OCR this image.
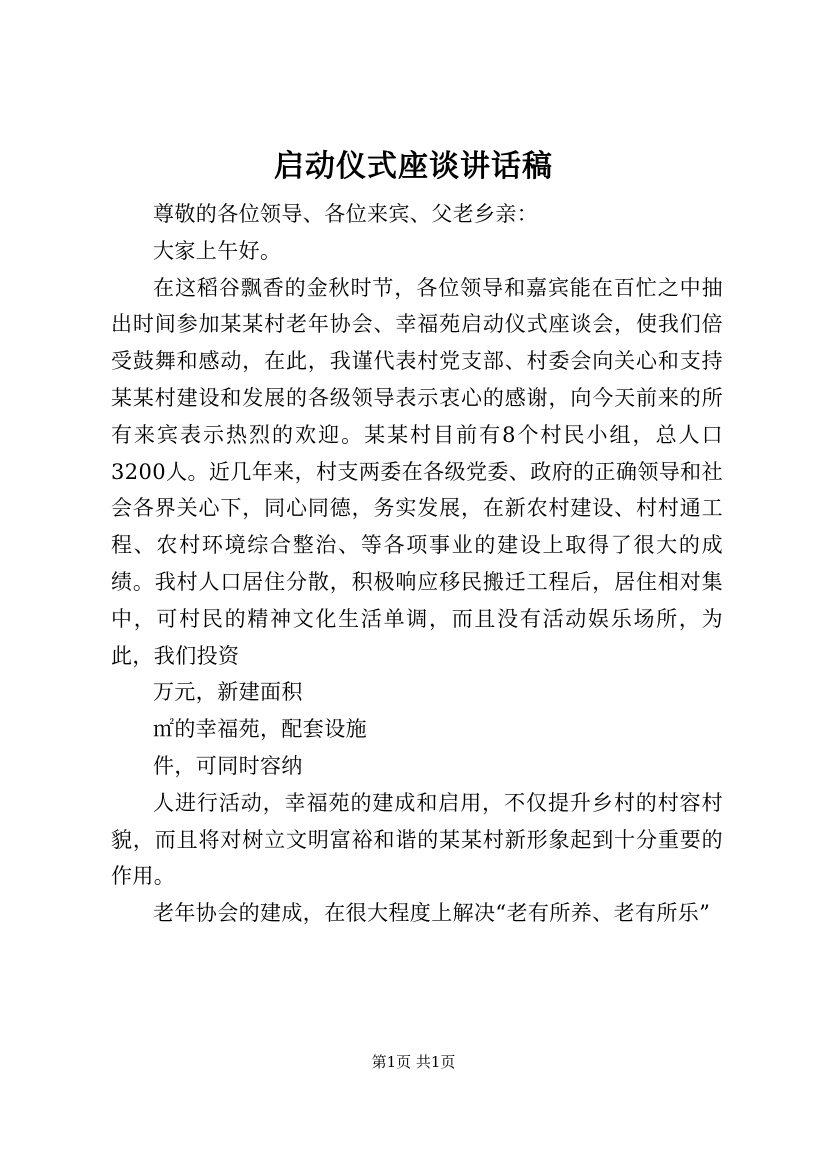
启动仪式座谈讲话稿

尊敬的各位领导、各位来宾、父老乡亲：

大家上午好。

在这稻谷飘香的金秋时节，各位领导和嘉宾能在百忙之中抽出时间参加某某村老年协会、幸福苑启动仪式座谈会，使我们倍受鼓舞和感动，在此，我谨代表村党支部、村委会向关心和支持某某村建设和发展的各级领导表示衷心的感谢，向今天前来的所有来宾表示热烈的欢迎。某某村目前有8个村民小组，总人口3200人。近几年来，村支两委在各级党委、政府的正确领导和社会各界关心下，同心同德，务实发展，在新农村建设、村村通工程、农村环境综合整治、等各项事业的建设上取得了很大的成绩。我村人口居住分散，积极响应移民搬迁工程后，居住相对集中，可村民的精神文化生活单调，而且没有活动娱乐场所，为此，我们投资

万元，新建面积

㎡的幸福苑，配套设施

件，可同时容纳

人进行活动，幸福苑的建成和启用，不仅提升乡村的村容村貌，而且将对树立文明富裕和谐的某某村新形象起到十分重要的作用。

老年协会的建成，在很大程度上解决“老有所养、老有所乐”

第1页 共1页
